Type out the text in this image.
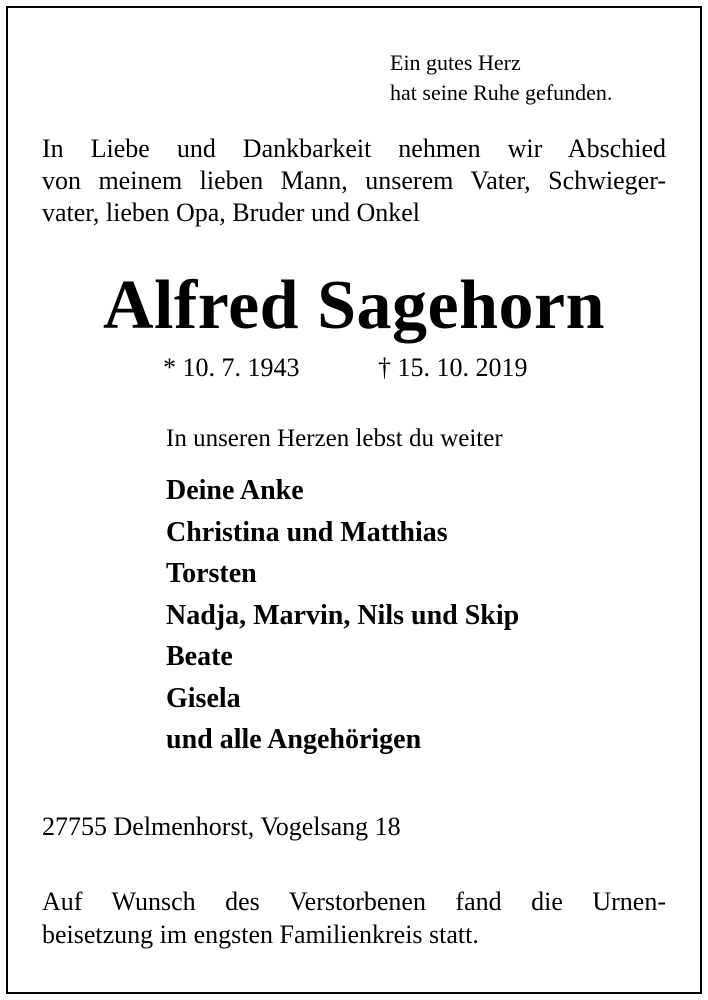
Ein gutes Herz
hat seine Ruhe gefunden.
In Liebe und Dankbarkeit nehmen wir Abschied
von meinem lieben Mann, unserem Vater, Schwieger-
vater, lieben Opa, Bruder und Onkel
Alfred Sagehorn
* 10. 7. 1943	† 15. 10. 2019
In unseren Herzen lebst du weiter
Deine Anke
Christina und Matthias
Torsten
Nadja, Marvin, Nils und Skip
Beate
Gisela
und alle Angehörigen
27755 Delmenhorst, Vogelsang 18
Auf Wunsch des Verstorbenen fand die Urnen-
beisetzung im engsten Familienkreis statt.
